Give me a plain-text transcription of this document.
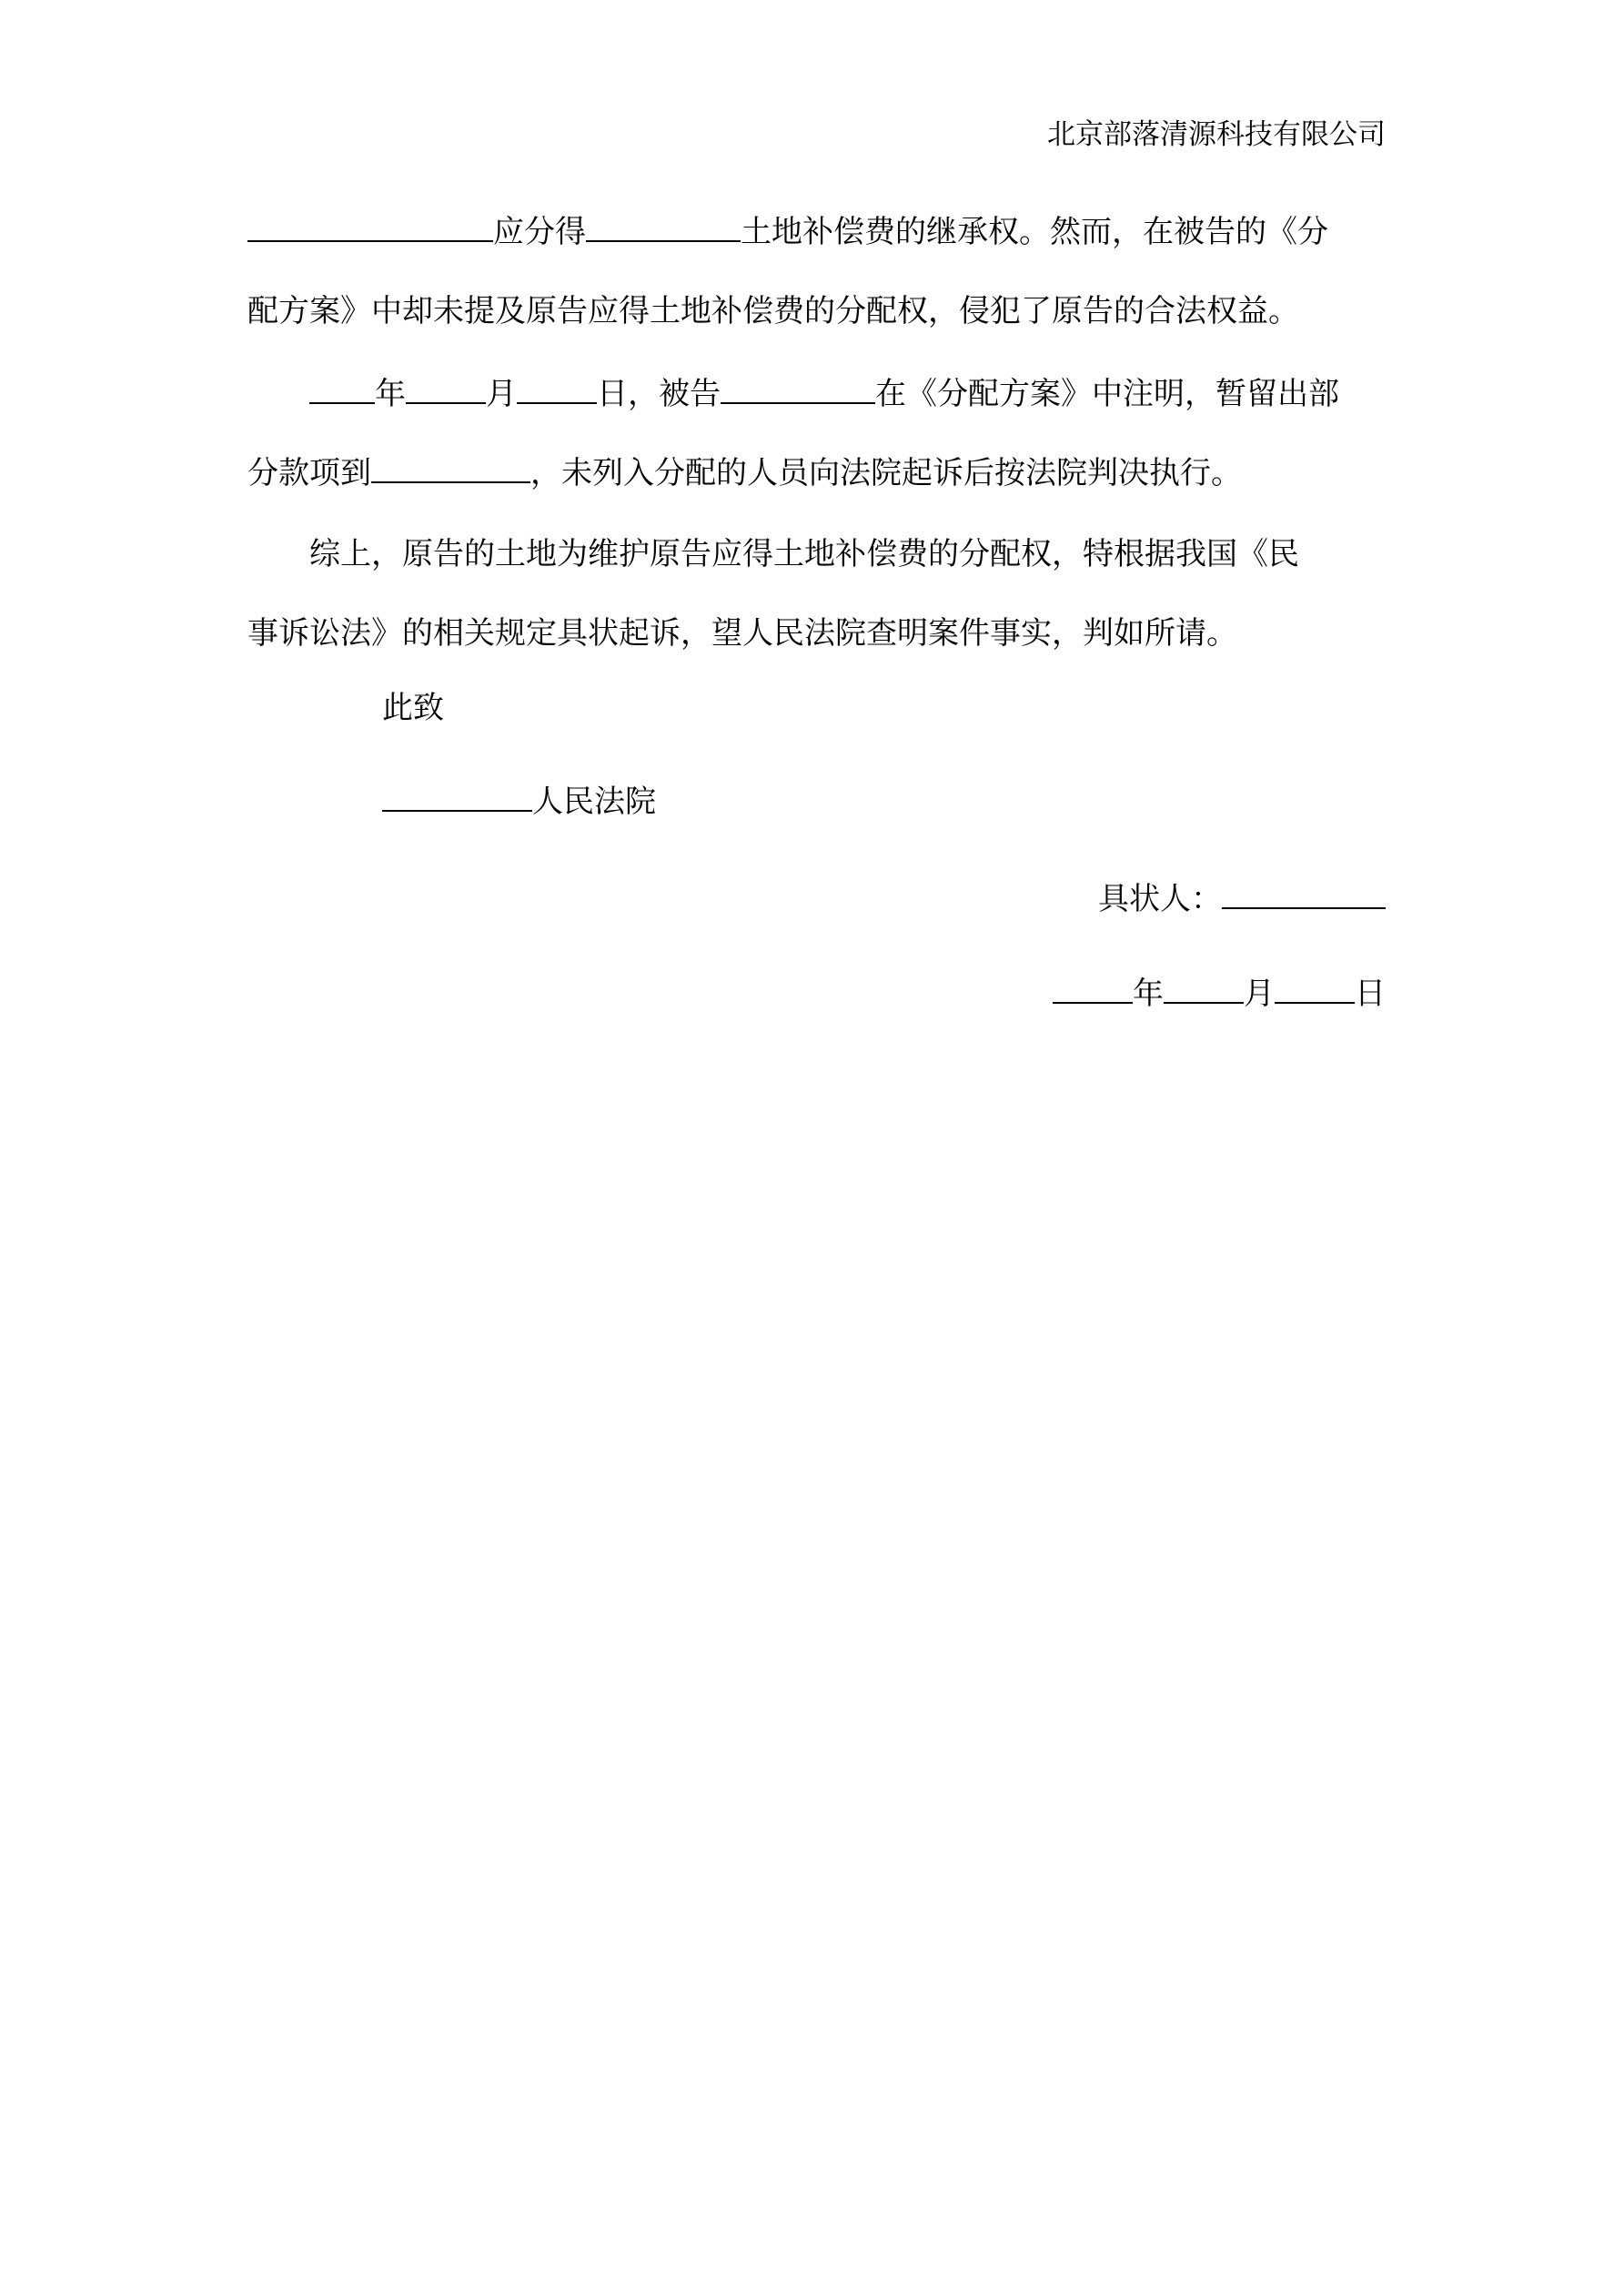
北京部落清源科技有限公司
应分得	土地补偿费的继承权。然而，在被告的《分
配方案》中却未提及原告应得土地补偿费的分配权，侵犯了原告的合法权益。
年	月	日，被告	在《分配方案》中注明，暂留出部
分款项到	，未列入分配的人员向法院起诉后按法院判决执行。
综上，原告的土地为维护原告应得土地补偿费的分配权，特根据我国《民
事诉讼法》的相关规定具状起诉，望人民法院查明案件事实，判如所请。
此致
人民法院
具状人：
年	月	日
